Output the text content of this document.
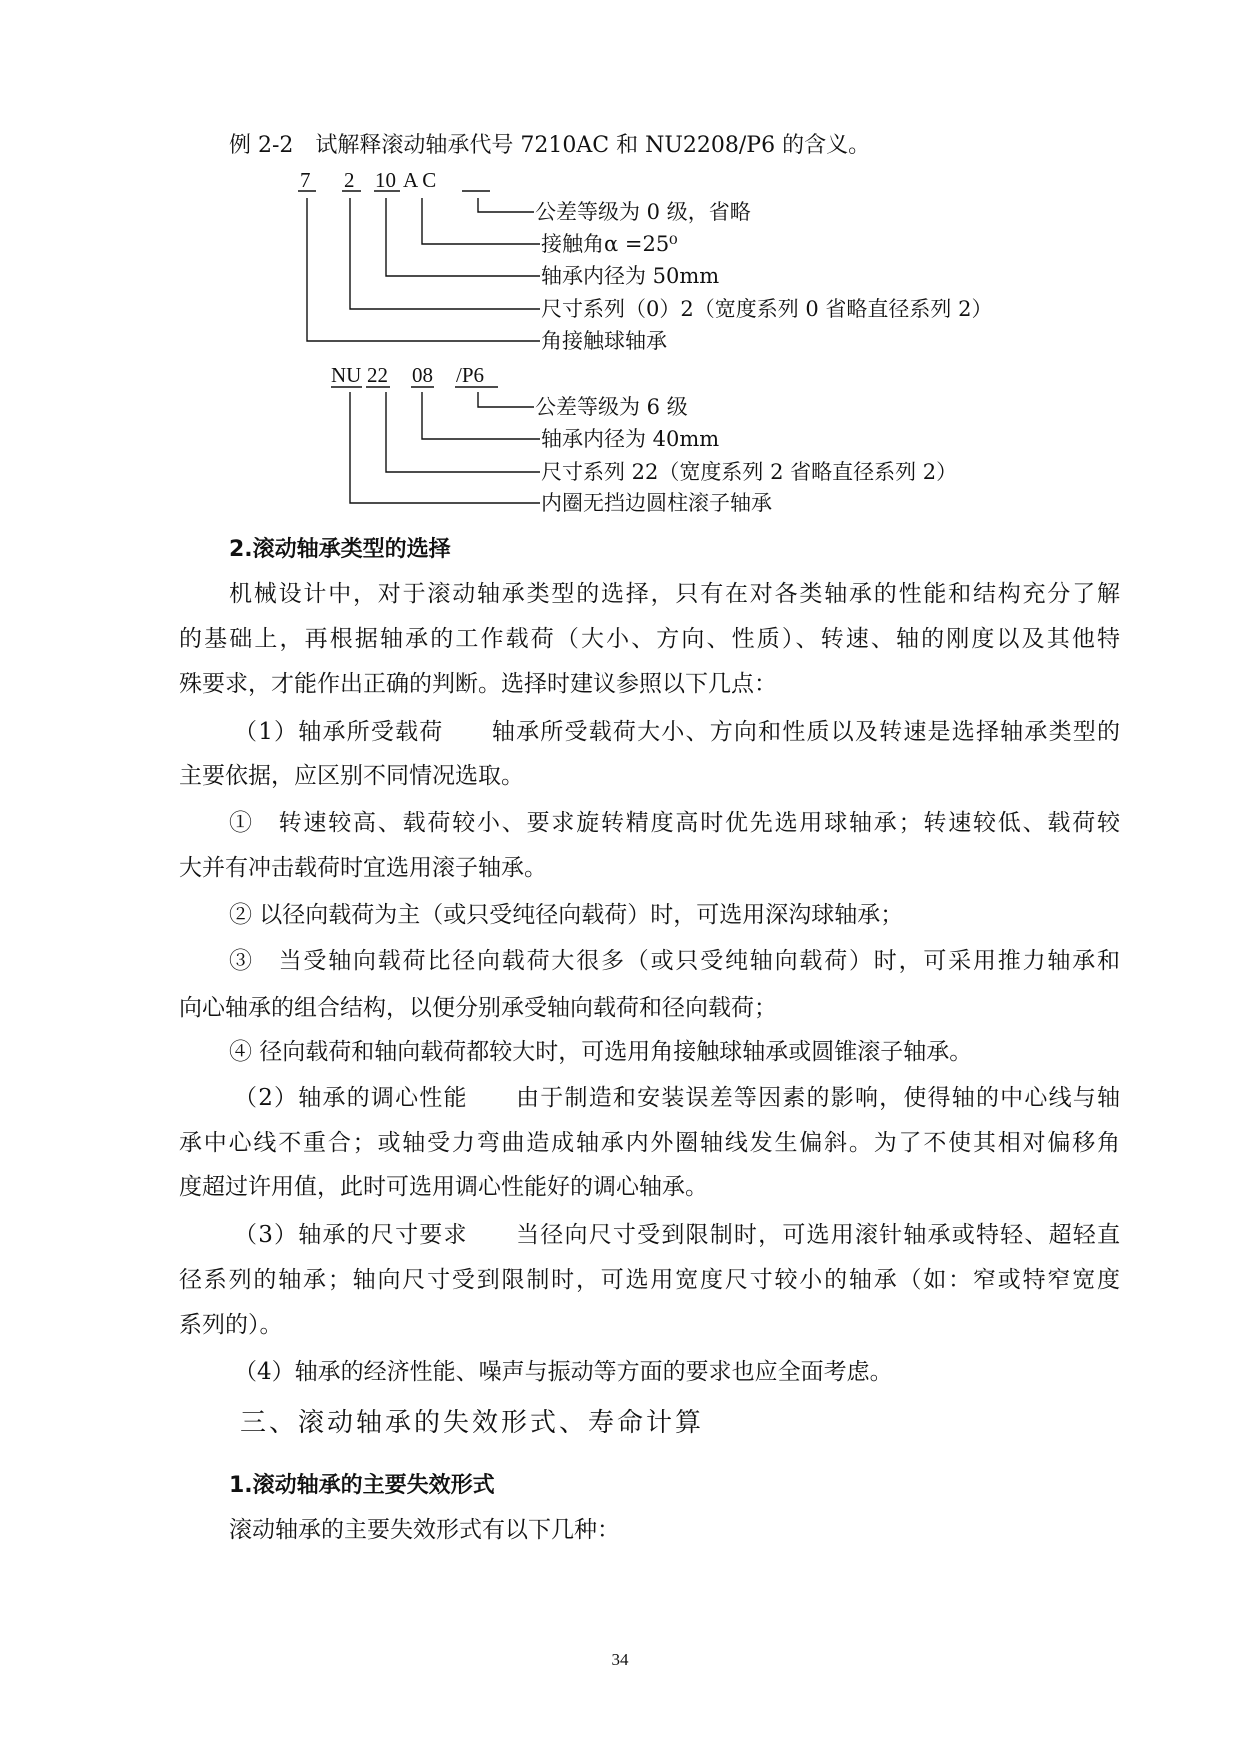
例 2-2　试解释滚动轴承代号 7210AC 和 NU2208/P6 的含义。
7 2 10 A C

公差等级为 0 级，省略
接触角α =25⁰
轴承内径为 50mm
尺寸系列（0）2（宽度系列 0 省略直径系列 2）
角接触球轴承
NU 22 08 /P6
公差等级为 6 级
轴承内径为 40mm
尺寸系列 22（宽度系列 2 省略直径系列 2）
内圈无挡边圆柱滚子轴承
2.滚动轴承类型的选择
机械设计中，对于滚动轴承类型的选择，只有在对各类轴承的性能和结构充分了解
的基础上，再根据轴承的工作载荷（大小、方向、性质）、转速、轴的刚度以及其他特
殊要求，才能作出正确的判断。选择时建议参照以下几点：
（1）轴承所受载荷　　轴承所受载荷大小、方向和性质以及转速是选择轴承类型的
主要依据，应区别不同情况选取。
①　转速较高、载荷较小、要求旋转精度高时优先选用球轴承；转速较低、载荷较
大并有冲击载荷时宜选用滚子轴承。
② 以径向载荷为主（或只受纯径向载荷）时，可选用深沟球轴承；
③　当受轴向载荷比径向载荷大很多（或只受纯轴向载荷）时，可采用推力轴承和
向心轴承的组合结构，以便分别承受轴向载荷和径向载荷；
④ 径向载荷和轴向载荷都较大时，可选用角接触球轴承或圆锥滚子轴承。
（2）轴承的调心性能　　由于制造和安装误差等因素的影响，使得轴的中心线与轴
承中心线不重合；或轴受力弯曲造成轴承内外圈轴线发生偏斜。为了不使其相对偏移角
度超过许用值，此时可选用调心性能好的调心轴承。
（3）轴承的尺寸要求　　当径向尺寸受到限制时，可选用滚针轴承或特轻、超轻直
径系列的轴承；轴向尺寸受到限制时，可选用宽度尺寸较小的轴承（如：窄或特窄宽度
系列的）。
（4）轴承的经济性能、噪声与振动等方面的要求也应全面考虑。
三、滚动轴承的失效形式、寿命计算
1.滚动轴承的主要失效形式
滚动轴承的主要失效形式有以下几种：
34
